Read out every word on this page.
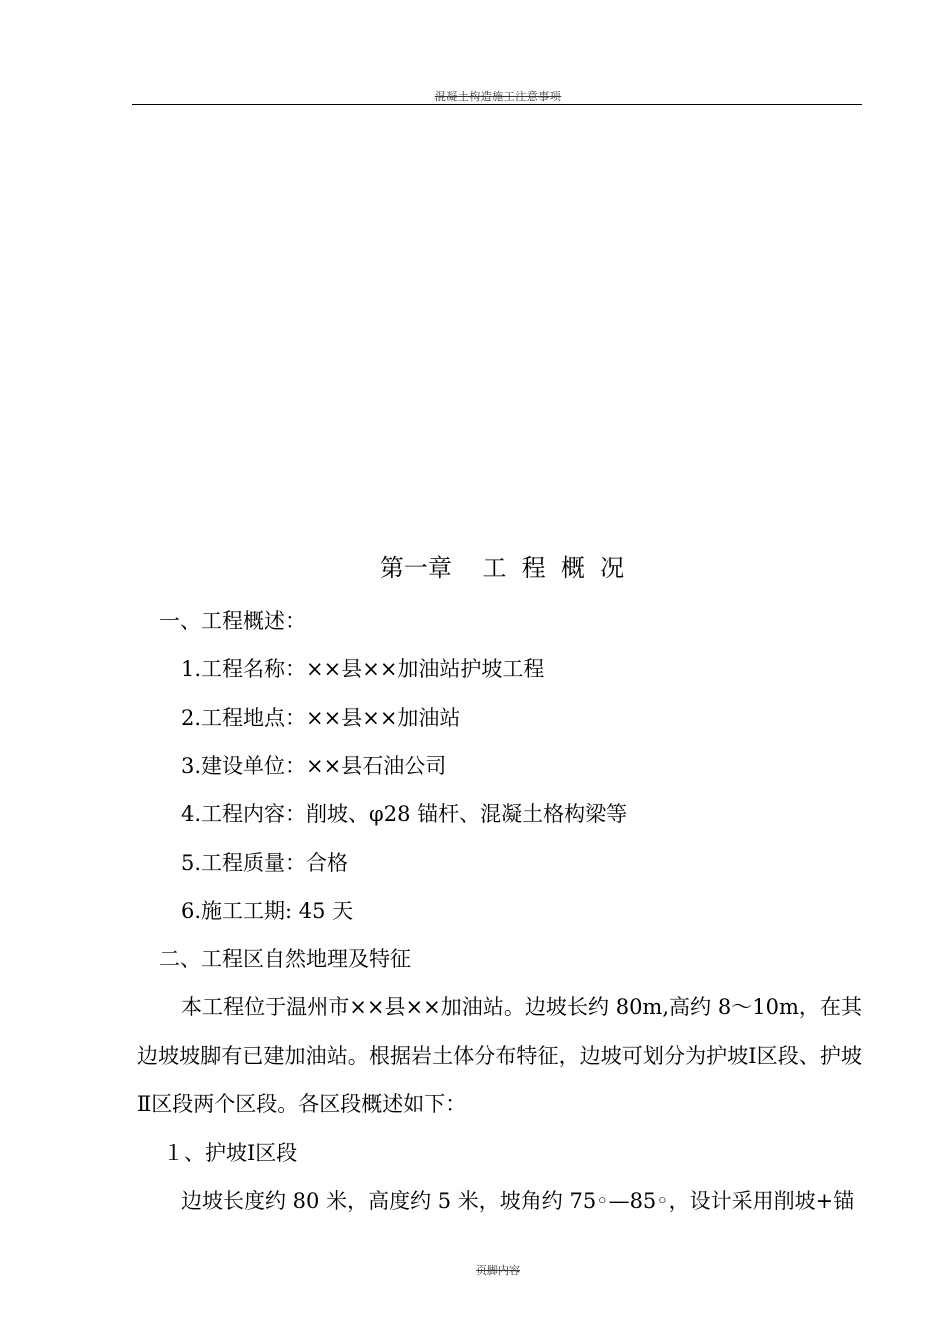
混凝土构造施工注意事项
第一章    工  程  概  况
一、工程概述：
1.工程名称：××县××加油站护坡工程
2.工程地点：××县××加油站
3.建设单位：××县石油公司
4.工程内容：削坡、φ28 锚杆、混凝土格构梁等
5.工程质量：合格
6.施工工期: 45 天
二、工程区自然地理及特征
本工程位于温州市××县××加油站。边坡长约 80m,高约 8～10m，在其边坡坡脚有已建加油站。根据岩土体分布特征，边坡可划分为护坡Ⅰ区段、护坡Ⅱ区段两个区段。各区段概述如下：
１、护坡Ⅰ区段
边坡长度约 80 米，高度约 5 米，坡角约 75◦—85◦，设计采用削坡+锚
页脚内容
